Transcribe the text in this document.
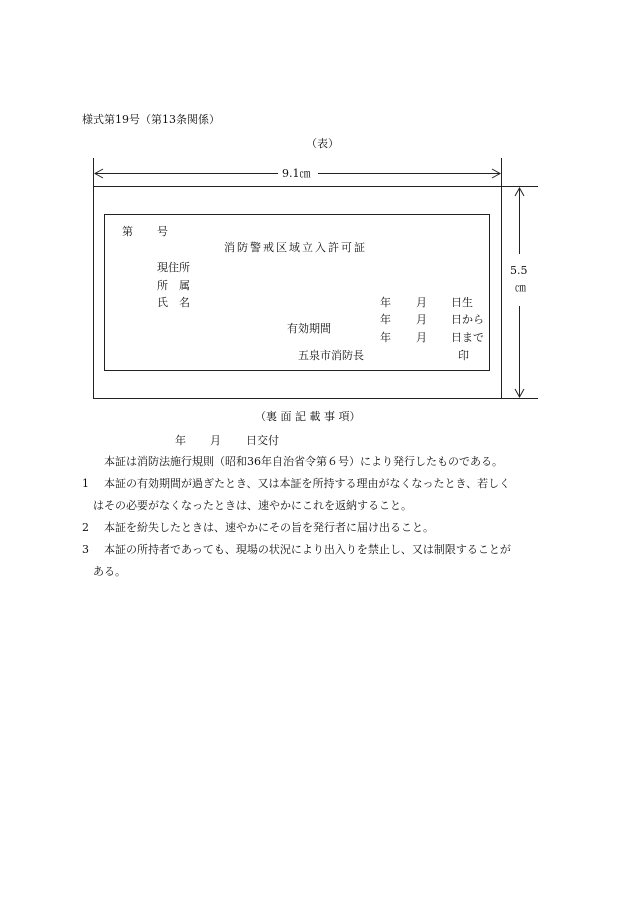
様式第19号（第13条関係）
（表）
9.1㎝
5.5
㎝
第 号
消防警戒区域立入許可証
現住所
所　属
氏　名	年 月 日生
年 月 日から
有効期間
年 月 日まで
五泉市消防長	印
（裏 面 記 載 事 項）
年 月 日交付
本証は消防法施行規則（昭和36年自治省令第６号）により発行したものである。
1 本証の有効期間が過ぎたとき、又は本証を所持する理由がなくなったとき、若しく
はその必要がなくなったときは、速やかにこれを返納すること。
2 本証を紛失したときは、速やかにその旨を発行者に届け出ること。
3 本証の所持者であっても、現場の状況により出入りを禁止し、又は制限することが
ある。
